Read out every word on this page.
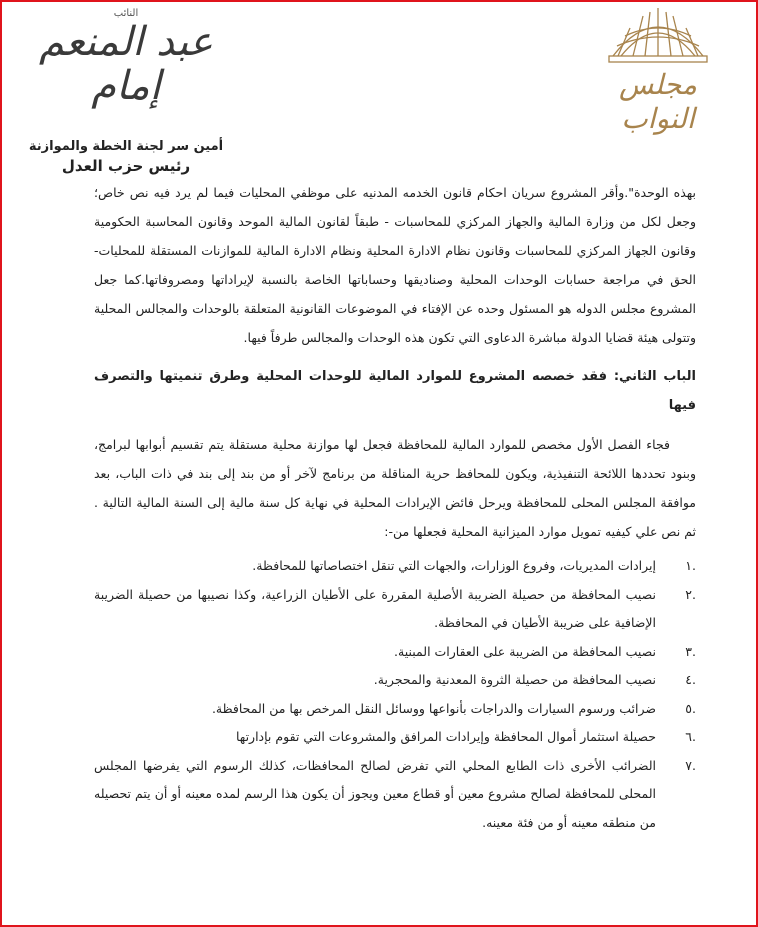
النائب
عبد المنعم إمام
أمين سر لجنة الخطة والموازنة
رئيس حزب العدل
مجلس النواب

بهذه الوحدة".وأقر المشروع سريان احكام قانون الخدمه المدنيه على موظفي المحليات فيما لم يرد فيه نص خاص؛ وجعل لكل من وزارة المالية والجهاز المركزي للمحاسبات - طبقاً لقانون المالية الموحد وقانون المحاسبة الحكومية وقانون الجهاز المركزي للمحاسبات وقانون نظام الادارة المحلية ونظام الادارة المالية للموازنات المستقلة للمحليات- الحق في مراجعة حسابات الوحدات المحلية وصناديقها وحساباتها الخاصة بالنسبة لإيراداتها ومصروفاتها.كما جعل المشروع مجلس الدوله هو المسئول وحده عن الإفتاء في الموضوعات القانونية المتعلقة بالوحدات والمجالس المحلية وتتولى هيئة قضايا الدولة مباشرة الدعاوى التي تكون هذه الوحدات والمجالس طرفاً فيها.

الباب الثاني: فقد خصصه المشروع للموارد المالية للوحدات المحلية وطرق تنميتها والتصرف فيها

فجاء الفصل الأول مخصص للموارد المالية للمحافظة فجعل لها موازنة محلية مستقلة يتم تقسيم أبوابها لبرامج، وبنود تحددها اللائحة التنفيذية، ويكون للمحافظ حرية المناقلة من برنامج لآخر أو من بند إلى بند في ذات الباب، بعد موافقة المجلس المحلى للمحافظة ويرحل فائض الإيرادات المحلية في نهاية كل سنة مالية إلى السنة المالية التالية . ثم نص علي كيفيه تمويل موارد الميزانية المحلية فجعلها من-:

.١
إيرادات المديريات، وفروع الوزارات، والجهات التي تنقل اختصاصاتها للمحافظة.
.٢
نصيب المحافظة من حصيلة الضريبة الأصلية المقررة على الأطيان الزراعية، وكذا نصيبها من حصيلة الضريبة الإضافية على ضريبة الأطيان في المحافظة.
.٣
نصيب المحافظة من الضريبة على العقارات المبنية.
.٤
نصيب المحافظة من حصيلة الثروة المعدنية والمحجرية.
.٥
ضرائب ورسوم السيارات والدراجات بأنواعها ووسائل النقل المرخص بها من المحافظة.
.٦
حصيلة استثمار أموال المحافظة وإيرادات المرافق والمشروعات التي تقوم بإدارتها
.٧
الضرائب الأخرى ذات الطابع المحلي التي تفرض لصالح المحافظات، كذلك الرسوم التي يفرضها المجلس المحلى للمحافظة لصالح مشروع معين أو قطاع معين ويجوز أن يكون هذا الرسم لمده معينه أو أن يتم تحصيله من منطقه معينه أو من فئة معينه.
